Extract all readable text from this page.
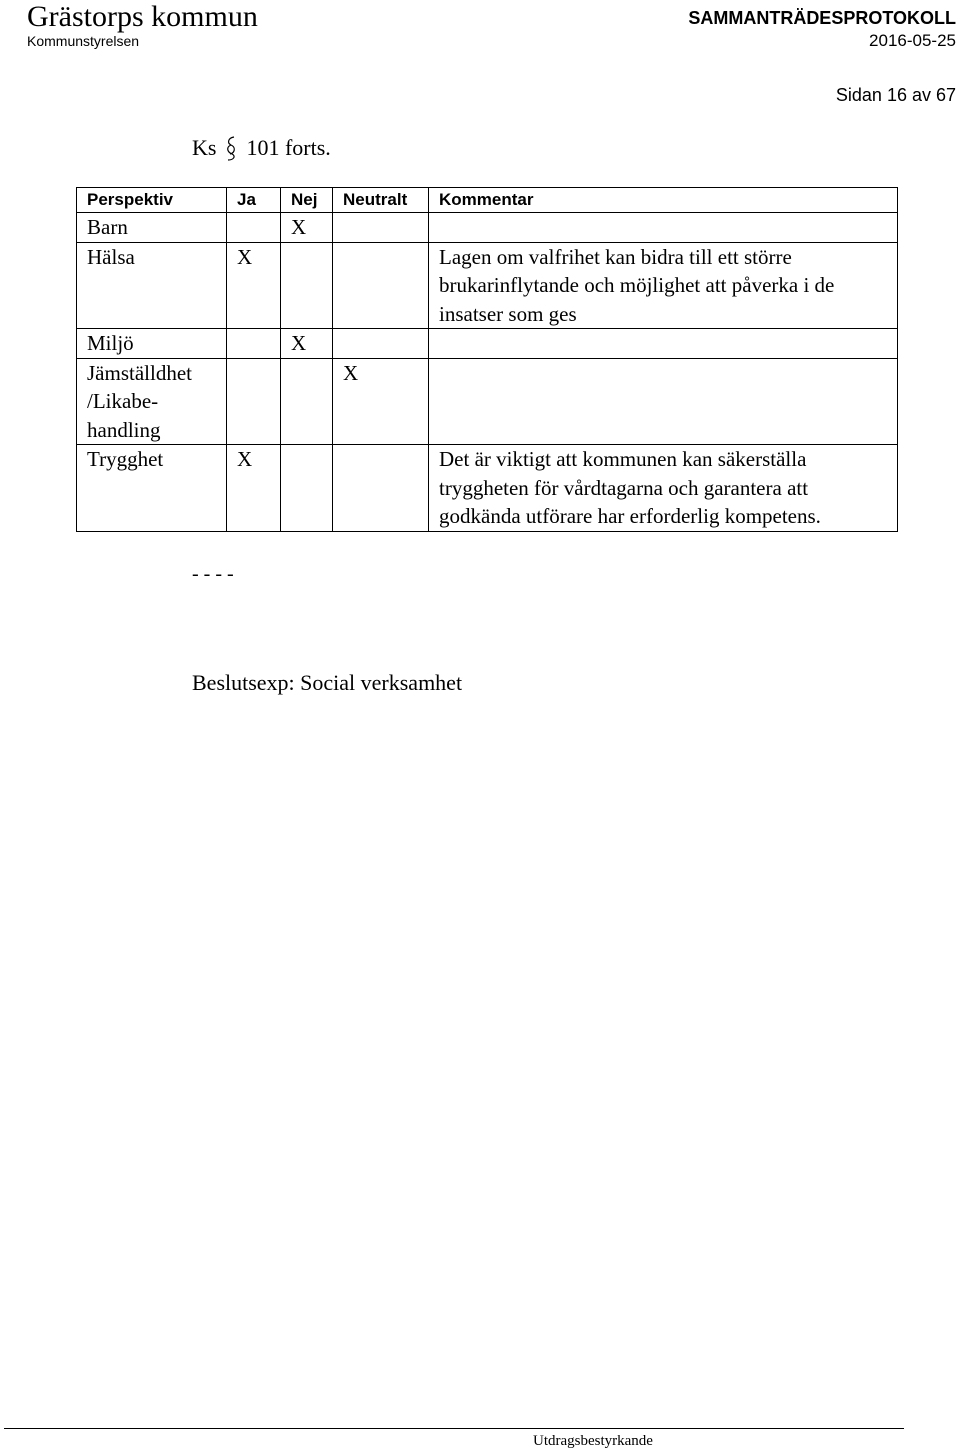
Grästorps kommun
Kommunstyrelsen
SAMMANTRÄDESPROTOKOLL
2016-05-25
Sidan 16 av 67
Ks 101 forts.
Perspektiv	Ja	Nej	Neutralt	Kommentar
Barn		X		
Hälsa	X			Lagen om valfrihet kan bidra till ett större brukarinflytande och möjlighet att påverka i de insatser som ges
Miljö		X		
Jämställdhet /Likabe-handling			X	
Trygghet	X			Det är viktigt att kommunen kan säkerställa tryggheten för vårdtagarna och garantera att godkända utförare har erforderlig kompetens.
- - - -
Beslutsexp: Social verksamhet
Utdragsbestyrkande
